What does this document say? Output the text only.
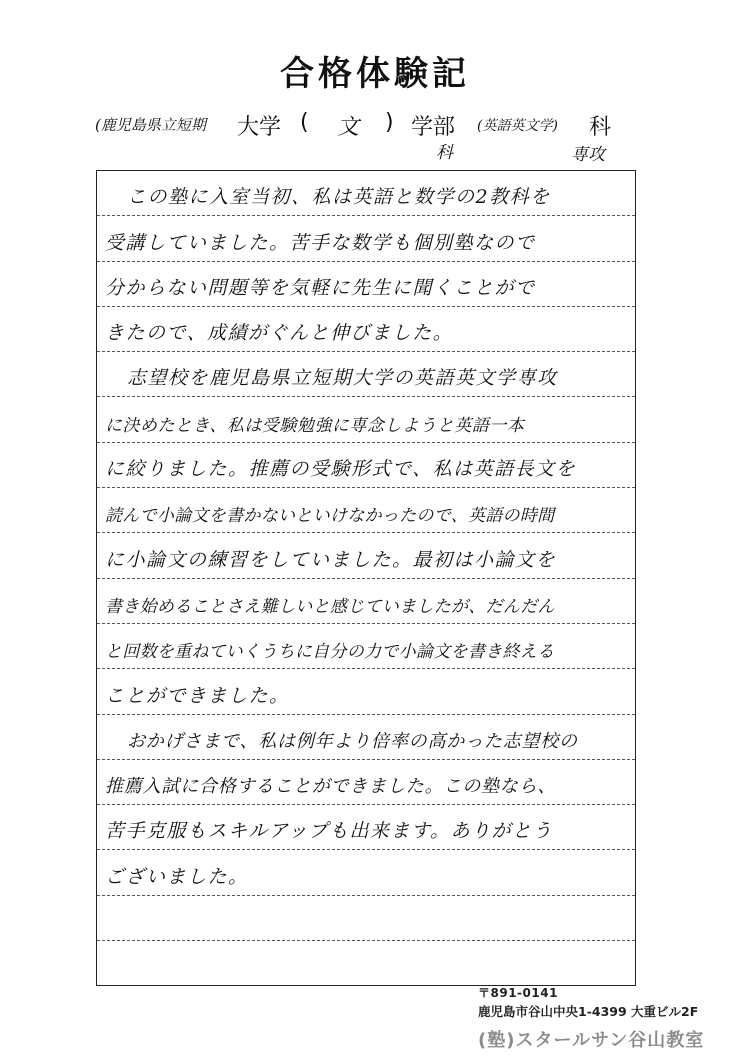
合格体験記
(鹿児島県立短期 大学 ( 文 ) 学部 (英語英文学) 科
科	専攻
この塾に入室当初、私は英語と数学の2教科を
受講していました。苦手な数学も個別塾なので
分からない問題等を気軽に先生に聞くことがで
きたので、成績がぐんと伸びました。
志望校を鹿児島県立短期大学の英語英文学専攻
に決めたとき、私は受験勉強に専念しようと英語一本
に絞りました。推薦の受験形式で、私は英語長文を
読んで小論文を書かないといけなかったので、英語の時間
に小論文の練習をしていました。最初は小論文を
書き始めることさえ難しいと感じていましたが、だんだん
と回数を重ねていくうちに自分の力で小論文を書き終える
ことができました。
おかげさまで、私は例年より倍率の高かった志望校の
推薦入試に合格することができました。この塾なら、
苦手克服もスキルアップも出来ます。ありがとう
ございました。
〒891-0141
鹿児島市谷山中央1-4399 大重ビル2F
(塾)スタールサン谷山教室
